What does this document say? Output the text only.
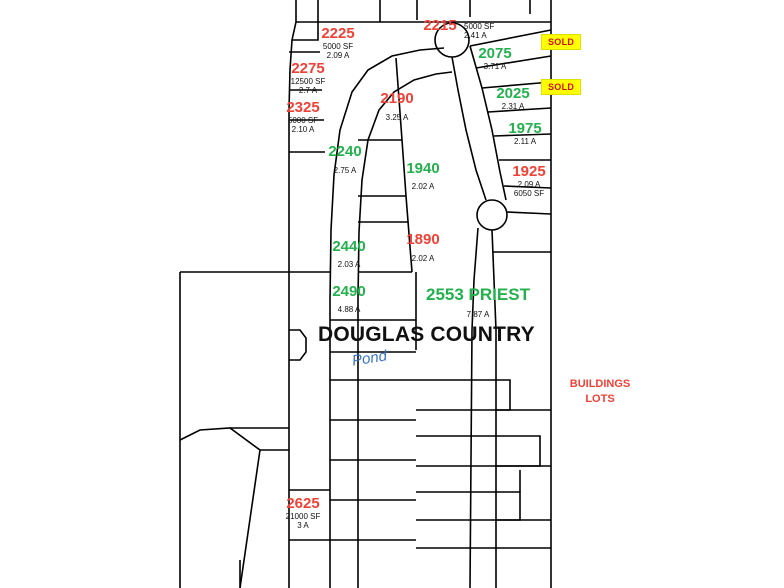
2225
5000 SF
2.09 A
2215 5000 SF
2.41 A
2275
12500 SF
2.7 A
2325
5000 SF
2.10 A
2075
3.71 A
2025
2.31 A
1975
2.11 A
1925
2.09 A
6050 SF
2190
3.25 A
2240
2.75 A	1940
2.02 A
2440
2.03 A
1890
2.02 A
2490
4.88 A
2553 PRIEST
7.87 A
2625
21000 SF
3 A
SOLD
SOLD
DOUGLAS COUNTRY
Pond
BUILDINGS
LOTS
